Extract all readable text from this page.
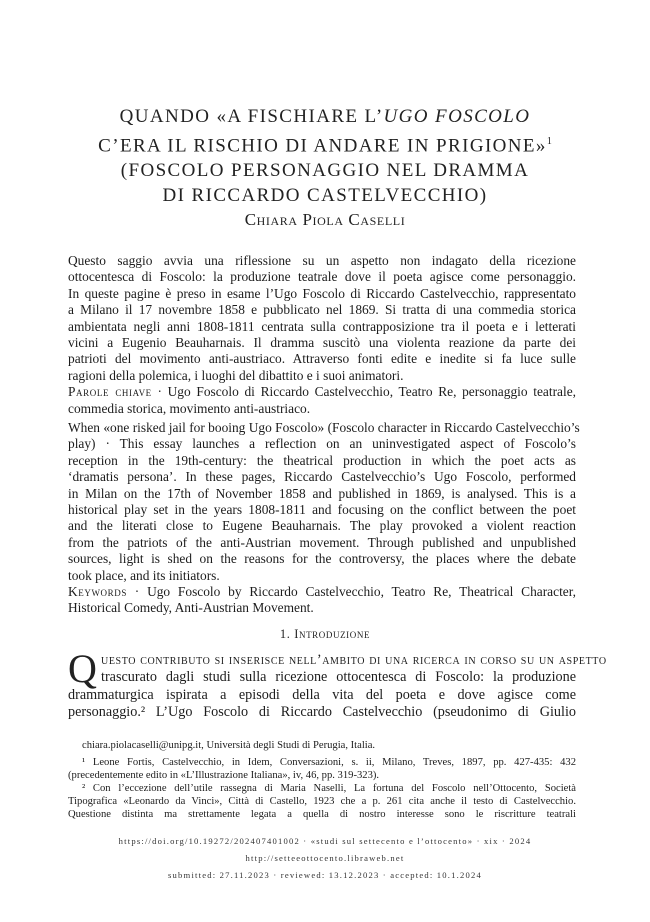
QUANDO «A FISCHIARE L’UGO FOSCOLO
C’ERA IL RISCHIO DI ANDARE IN PRIGIONE»$^1$
(FOSCOLO PERSONAGGIO NEL DRAMMA
DI RICCARDO CASTELVECCHIO)
Chiara Piola Caselli
Questo saggio avvia una riflessione su un aspetto non indagato della ricezione
ottocentesca di Foscolo: la produzione teatrale dove il poeta agisce come personaggio.
In queste pagine è preso in esame l’Ugo Foscolo di Riccardo Castelvecchio, rappresentato
a Milano il 17 novembre 1858 e pubblicato nel 1869. Si tratta di una commedia storica
ambientata negli anni 1808-1811 centrata sulla contrapposizione tra il poeta e i letterati
vicini a Eugenio Beauharnais. Il dramma suscitò una violenta reazione da parte dei
patrioti del movimento anti-austriaco. Attraverso fonti edite e inedite si fa luce sulle
ragioni della polemica, i luoghi del dibattito e i suoi animatori.
Parole chiave · Ugo Foscolo di Riccardo Castelvecchio, Teatro Re, personaggio teatrale,
commedia storica, movimento anti-austriaco.
When «one risked jail for booing Ugo Foscolo» (Foscolo character in Riccardo Castelvecchio’s
play) · This essay launches a reflection on an uninvestigated aspect of Foscolo’s
reception in the 19th-century: the theatrical production in which the poet acts as
‘dramatis persona’. In these pages, Riccardo Castelvecchio’s Ugo Foscolo, performed
in Milan on the 17th of November 1858 and published in 1869, is analysed. This is a
historical play set in the years 1808-1811 and focusing on the conflict between the poet
and the literati close to Eugene Beauharnais. The play provoked a violent reaction
from the patriots of the anti-Austrian movement. Through published and unpublished
sources, light is shed on the reasons for the controversy, the places where the debate
took place, and its initiators.
Keywords · Ugo Foscolo by Riccardo Castelvecchio, Teatro Re, Theatrical Character,
Historical Comedy, Anti-Austrian Movement.
1. Introduzione
Q uesto contributo si inserisce nell’ambito di una ricerca in corso su un aspetto
trascurato dagli studi sulla ricezione ottocentesca di Foscolo: la produzione
drammaturgica ispirata a episodi della vita del poeta e dove agisce come
personaggio.² L’Ugo Foscolo di Riccardo Castelvecchio (pseudonimo di Giulio
chiara.piolacaselli@unipg.it, Università degli Studi di Perugia, Italia.
¹ Leone Fortis, Castelvecchio, in Idem, Conversazioni, s. ii, Milano, Treves, 1897, pp. 427-435: 432
(precedentemente edito in «L’Illustrazione Italiana», iv, 46, pp. 319-323).
² Con l’eccezione dell’utile rassegna di Maria Naselli, La fortuna del Foscolo nell’Ottocento, Società
Tipografica «Leonardo da Vinci», Città di Castello, 1923 che a p. 261 cita anche il testo di Castelvecchio.
Questione distinta ma strettamente legata a quella di nostro interesse sono le riscritture teatrali
https://doi.org/10.19272/202407401002 · «studi sul settecento e l’ottocento» · xix · 2024
http://setteeottocento.libraweb.net
submitted: 27.11.2023 · reviewed: 13.12.2023 · accepted: 10.1.2024
